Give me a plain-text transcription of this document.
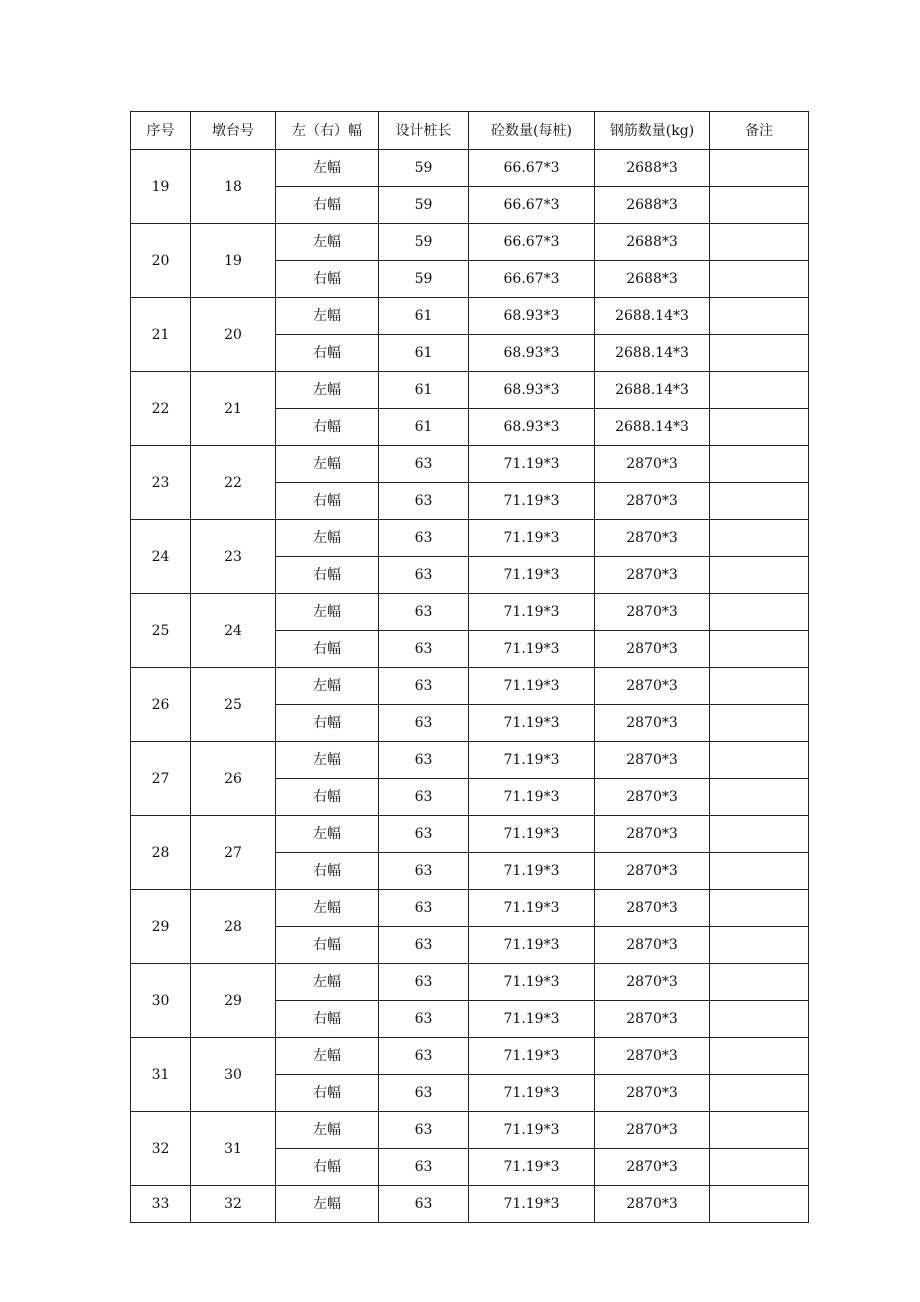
序号	墩台号	左（右）幅	设计桩长	砼数量(每桩)	钢筋数量(kg)	备注
19	18	左幅	59	66.67*3	2688*3	
		右幅	59	66.67*3	2688*3	
20	19	左幅	59	66.67*3	2688*3	
		右幅	59	66.67*3	2688*3	
21	20	左幅	61	68.93*3	2688.14*3	
		右幅	61	68.93*3	2688.14*3	
22	21	左幅	61	68.93*3	2688.14*3	
		右幅	61	68.93*3	2688.14*3	
23	22	左幅	63	71.19*3	2870*3	
		右幅	63	71.19*3	2870*3	
24	23	左幅	63	71.19*3	2870*3	
		右幅	63	71.19*3	2870*3	
25	24	左幅	63	71.19*3	2870*3	
		右幅	63	71.19*3	2870*3	
26	25	左幅	63	71.19*3	2870*3	
		右幅	63	71.19*3	2870*3	
27	26	左幅	63	71.19*3	2870*3	
		右幅	63	71.19*3	2870*3	
28	27	左幅	63	71.19*3	2870*3	
		右幅	63	71.19*3	2870*3	
29	28	左幅	63	71.19*3	2870*3	
		右幅	63	71.19*3	2870*3	
30	29	左幅	63	71.19*3	2870*3	
		右幅	63	71.19*3	2870*3	
31	30	左幅	63	71.19*3	2870*3	
		右幅	63	71.19*3	2870*3	
32	31	左幅	63	71.19*3	2870*3	
		右幅	63	71.19*3	2870*3	
33	32	左幅	63	71.19*3	2870*3	
